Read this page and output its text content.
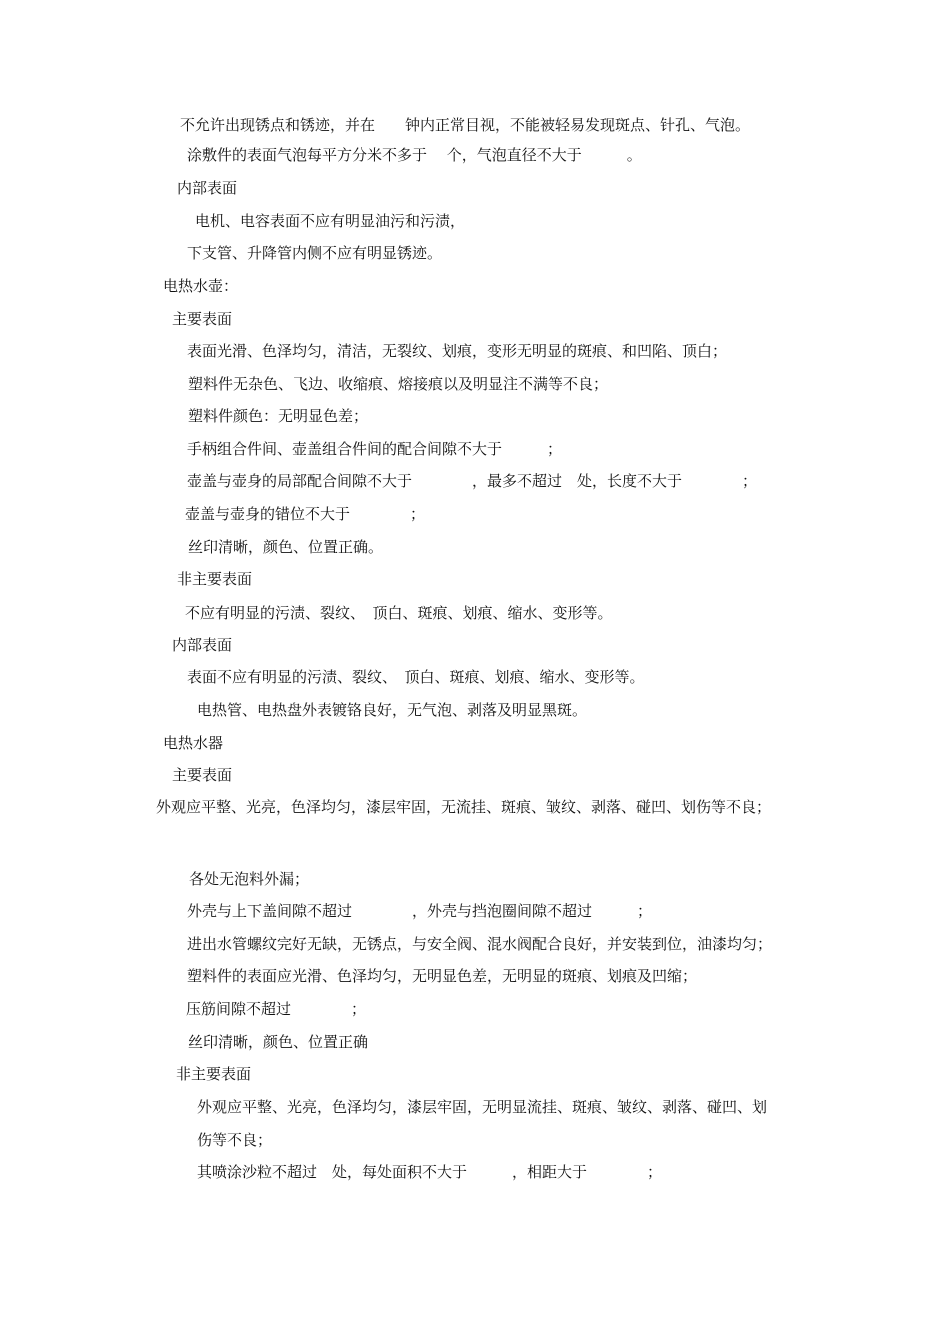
不允许出现锈点和锈迹，并在　　钟内正常目视，不能被轻易发现斑点、针孔、气泡。
涂敷件的表面气泡每平方分米不多于　 个，气泡直径不大于　　　。
内部表面
电机、电容表面不应有明显油污和污渍，
下支管、升降管内侧不应有明显锈迹。
电热水壶：
主要表面
表面光滑、色泽均匀，清洁，无裂纹、划痕，变形无明显的斑痕、和凹陷、顶白；
塑料件无杂色、飞边、收缩痕、熔接痕以及明显注不满等不良；
塑料件颜色：无明显色差；
手柄组合件间、壶盖组合件间的配合间隙不大于　　　；
壶盖与壶身的局部配合间隙不大于　　　　，最多不超过　处，长度不大于　　　　；
壶盖与壶身的错位不大于　　　　；
丝印清晰，颜色、位置正确。
非主要表面
不应有明显的污渍、裂纹、　顶白、斑痕、划痕、缩水、变形等。
内部表面
表面不应有明显的污渍、裂纹、　顶白、斑痕、划痕、缩水、变形等。
电热管、电热盘外表镀铬良好，无气泡、剥落及明显黑斑。
电热水器
主要表面
外观应平整、光亮，色泽均匀，漆层牢固，无流挂、斑痕、皱纹、剥落、碰凹、划伤等不良；
各处无泡料外漏；
外壳与上下盖间隙不超过　　　　，外壳与挡泡圈间隙不超过　　　；
进出水管螺纹完好无缺，无锈点，与安全阀、混水阀配合良好，并安装到位，油漆均匀；
塑料件的表面应光滑、色泽均匀，无明显色差，无明显的斑痕、划痕及凹缩；
压筋间隙不超过　　　　；
丝印清晰，颜色、位置正确
非主要表面
外观应平整、光亮，色泽均匀，漆层牢固，无明显流挂、斑痕、皱纹、剥落、碰凹、划
伤等不良；
其喷涂沙粒不超过　处，每处面积不大于　　　，相距大于　　　　；
